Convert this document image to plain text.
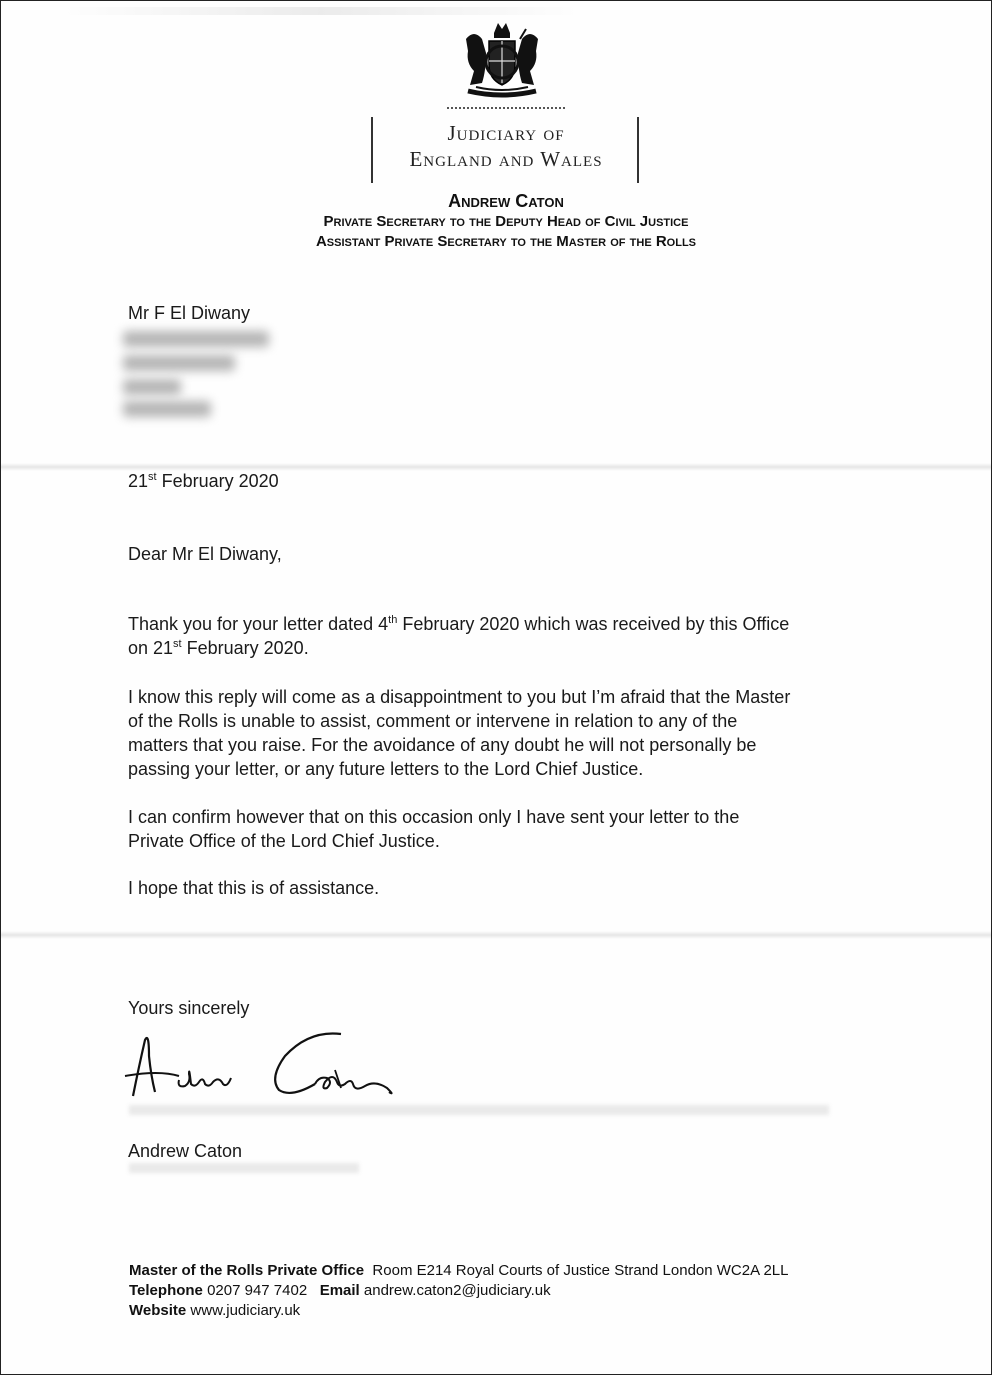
Judiciary of
England and Wales
Andrew Caton
Private Secretary to the Deputy Head of Civil Justice
Assistant Private Secretary to the Master of the Rolls
Mr F El Diwany
21st February 2020
Dear Mr El Diwany,
Thank you for your letter dated 4th February 2020 which was received by this Office
on 21st February 2020.
I know this reply will come as a disappointment to you but I’m afraid that the Master
of the Rolls is unable to assist, comment or intervene in relation to any of the
matters that you raise. For the avoidance of any doubt he will not personally be
passing your letter, or any future letters to the Lord Chief Justice.
I can confirm however that on this occasion only I have sent your letter to the
Private Office of the Lord Chief Justice.
I hope that this is of assistance.
Yours sincerely
Andrew Caton
Master of the Rolls Private Office Room E214 Royal Courts of Justice Strand London WC2A 2LL
Telephone 0207 947 7402 Email andrew.caton2@judiciary.uk
Website www.judiciary.uk
